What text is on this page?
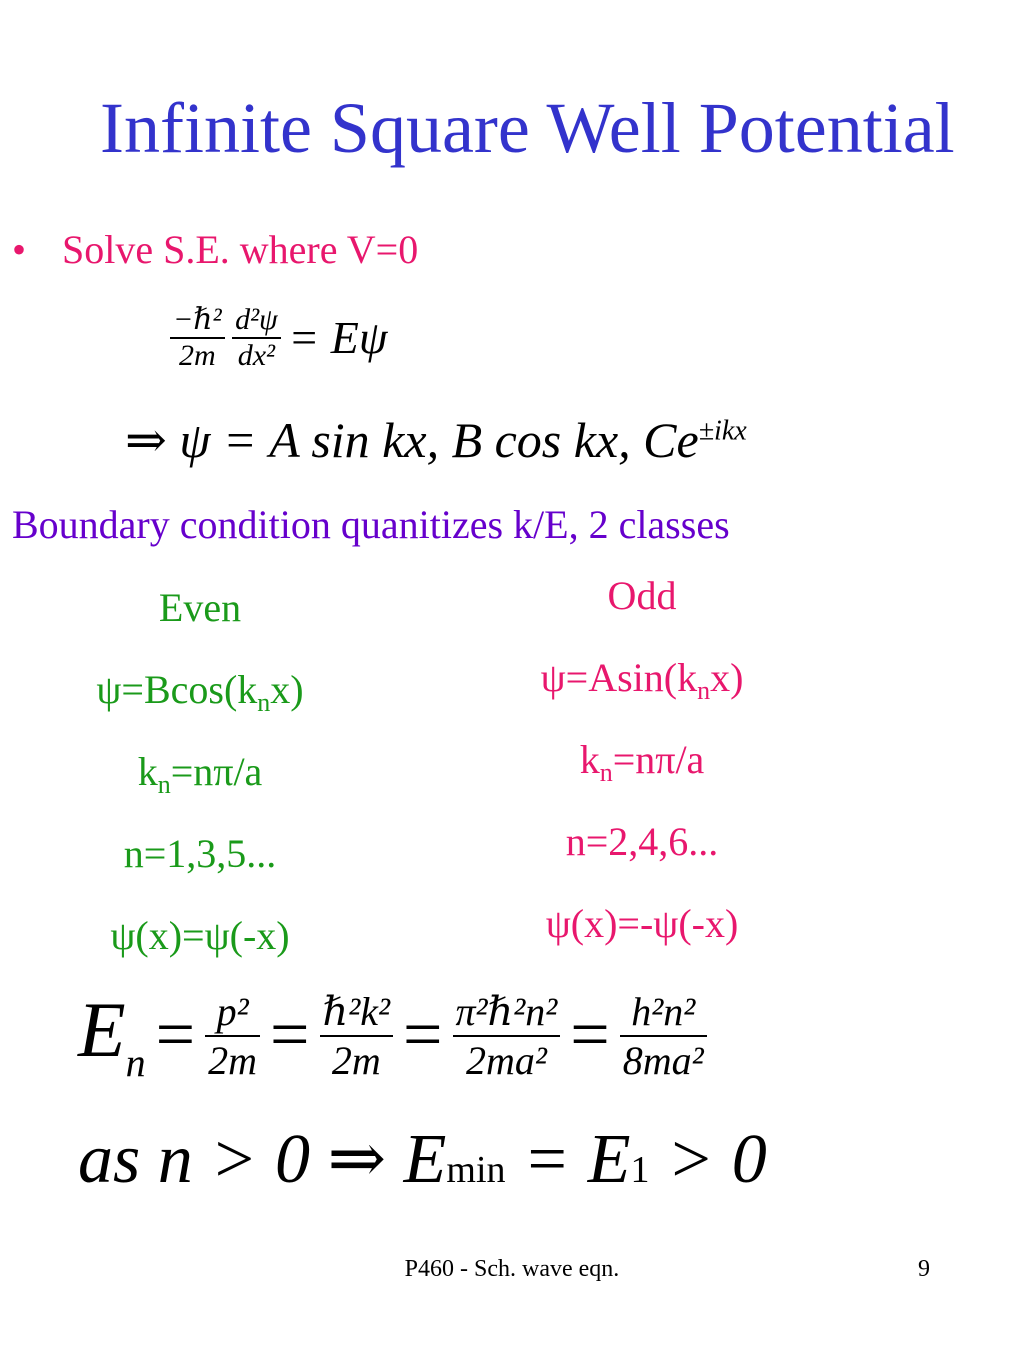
Infinite Square Well Potential
• Solve S.E. where V=0
$\frac{\text{−ℏ²}}{2m}$
$\frac{\text{d²ψ}}{\text{dx²}} = E\psi$
⇒ ψ = A sin kx, B cos kx, $Ce^{\pm ikx}$
Boundary condition quanitizes k/E, 2 classes
Even
$\psi=Bcos(k_nx)$
$k_n=n\pi/a$
n=1,3,5...
ψ(x)=ψ(-x)
Odd
$\psi=Asin(k_nx)$
$k_n=n\pi/a$
n=2,4,6...
ψ(x)=-ψ(-x)
$E_n = \frac{\text{p²}}{2m} = \frac{\text{ℏ²k²}}{2m} = \frac{\text{π²ℏ²n²}}{\text{2ma²}} = \frac{\text{h²n²}}{\text{8ma²}}$
as n > 0 ⇒ Emin = E1 > 0
P460 - Sch. wave eqn.	9
